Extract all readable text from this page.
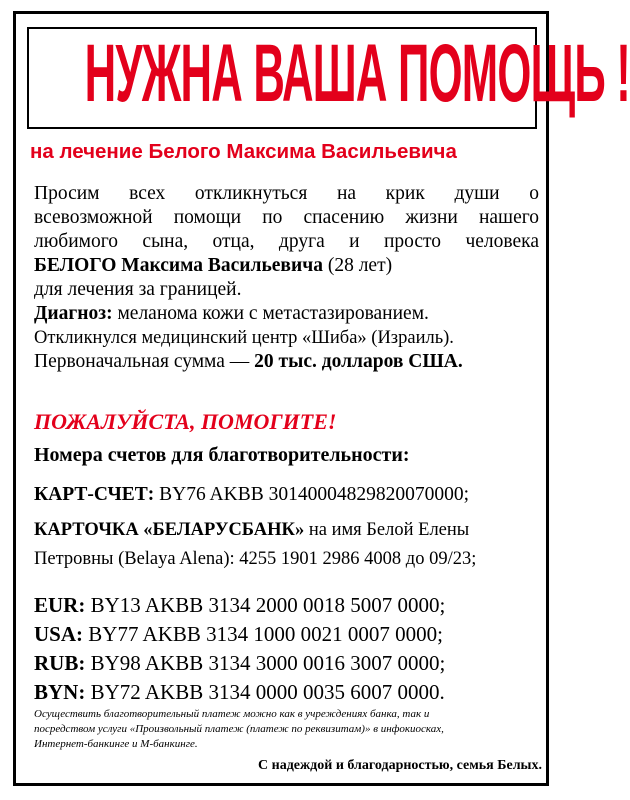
НУЖНА ВАША ПОМОЩЬ !
на лечение Белого Максима Васильевича
Просим всех откликнуться на крик души о
всевозможной помощи по спасению жизни нашего
любимого сына, отца, друга и просто человека
БЕЛОГО Максима Васильевича (28 лет)
для лечения за границей.
Диагноз: меланома кожи с метастазированием.
Откликнулся медицинский центр «Шиба» (Израиль).
Первоначальная сумма — 20 тыс. долларов США.
ПОЖАЛУЙСТА, ПОМОГИТЕ!
Номера счетов для благотворительности:
КАРТ-СЧЕТ: BY76 AKBB 30140004829820070000;
КАРТОЧКА «БЕЛАРУСБАНК» на имя Белой Елены
Петровны (Belaya Alena): 4255 1901 2986 4008 до 09/23;
EUR: BY13 AKBB 3134 2000 0018 5007 0000;
USA: BY77 AKBB 3134 1000 0021 0007 0000;
RUB: BY98 AKBB 3134 3000 0016 3007 0000;
BYN: BY72 AKBB 3134 0000 0035 6007 0000.
Осуществить благотворительный платеж можно как в учреждениях банка, так и
посредством услуги «Произвольный платеж (платеж по реквизитам)» в инфокиосках,
Интернет-банкинге и М-банкинге.
С надеждой и благодарностью, семья Белых.
